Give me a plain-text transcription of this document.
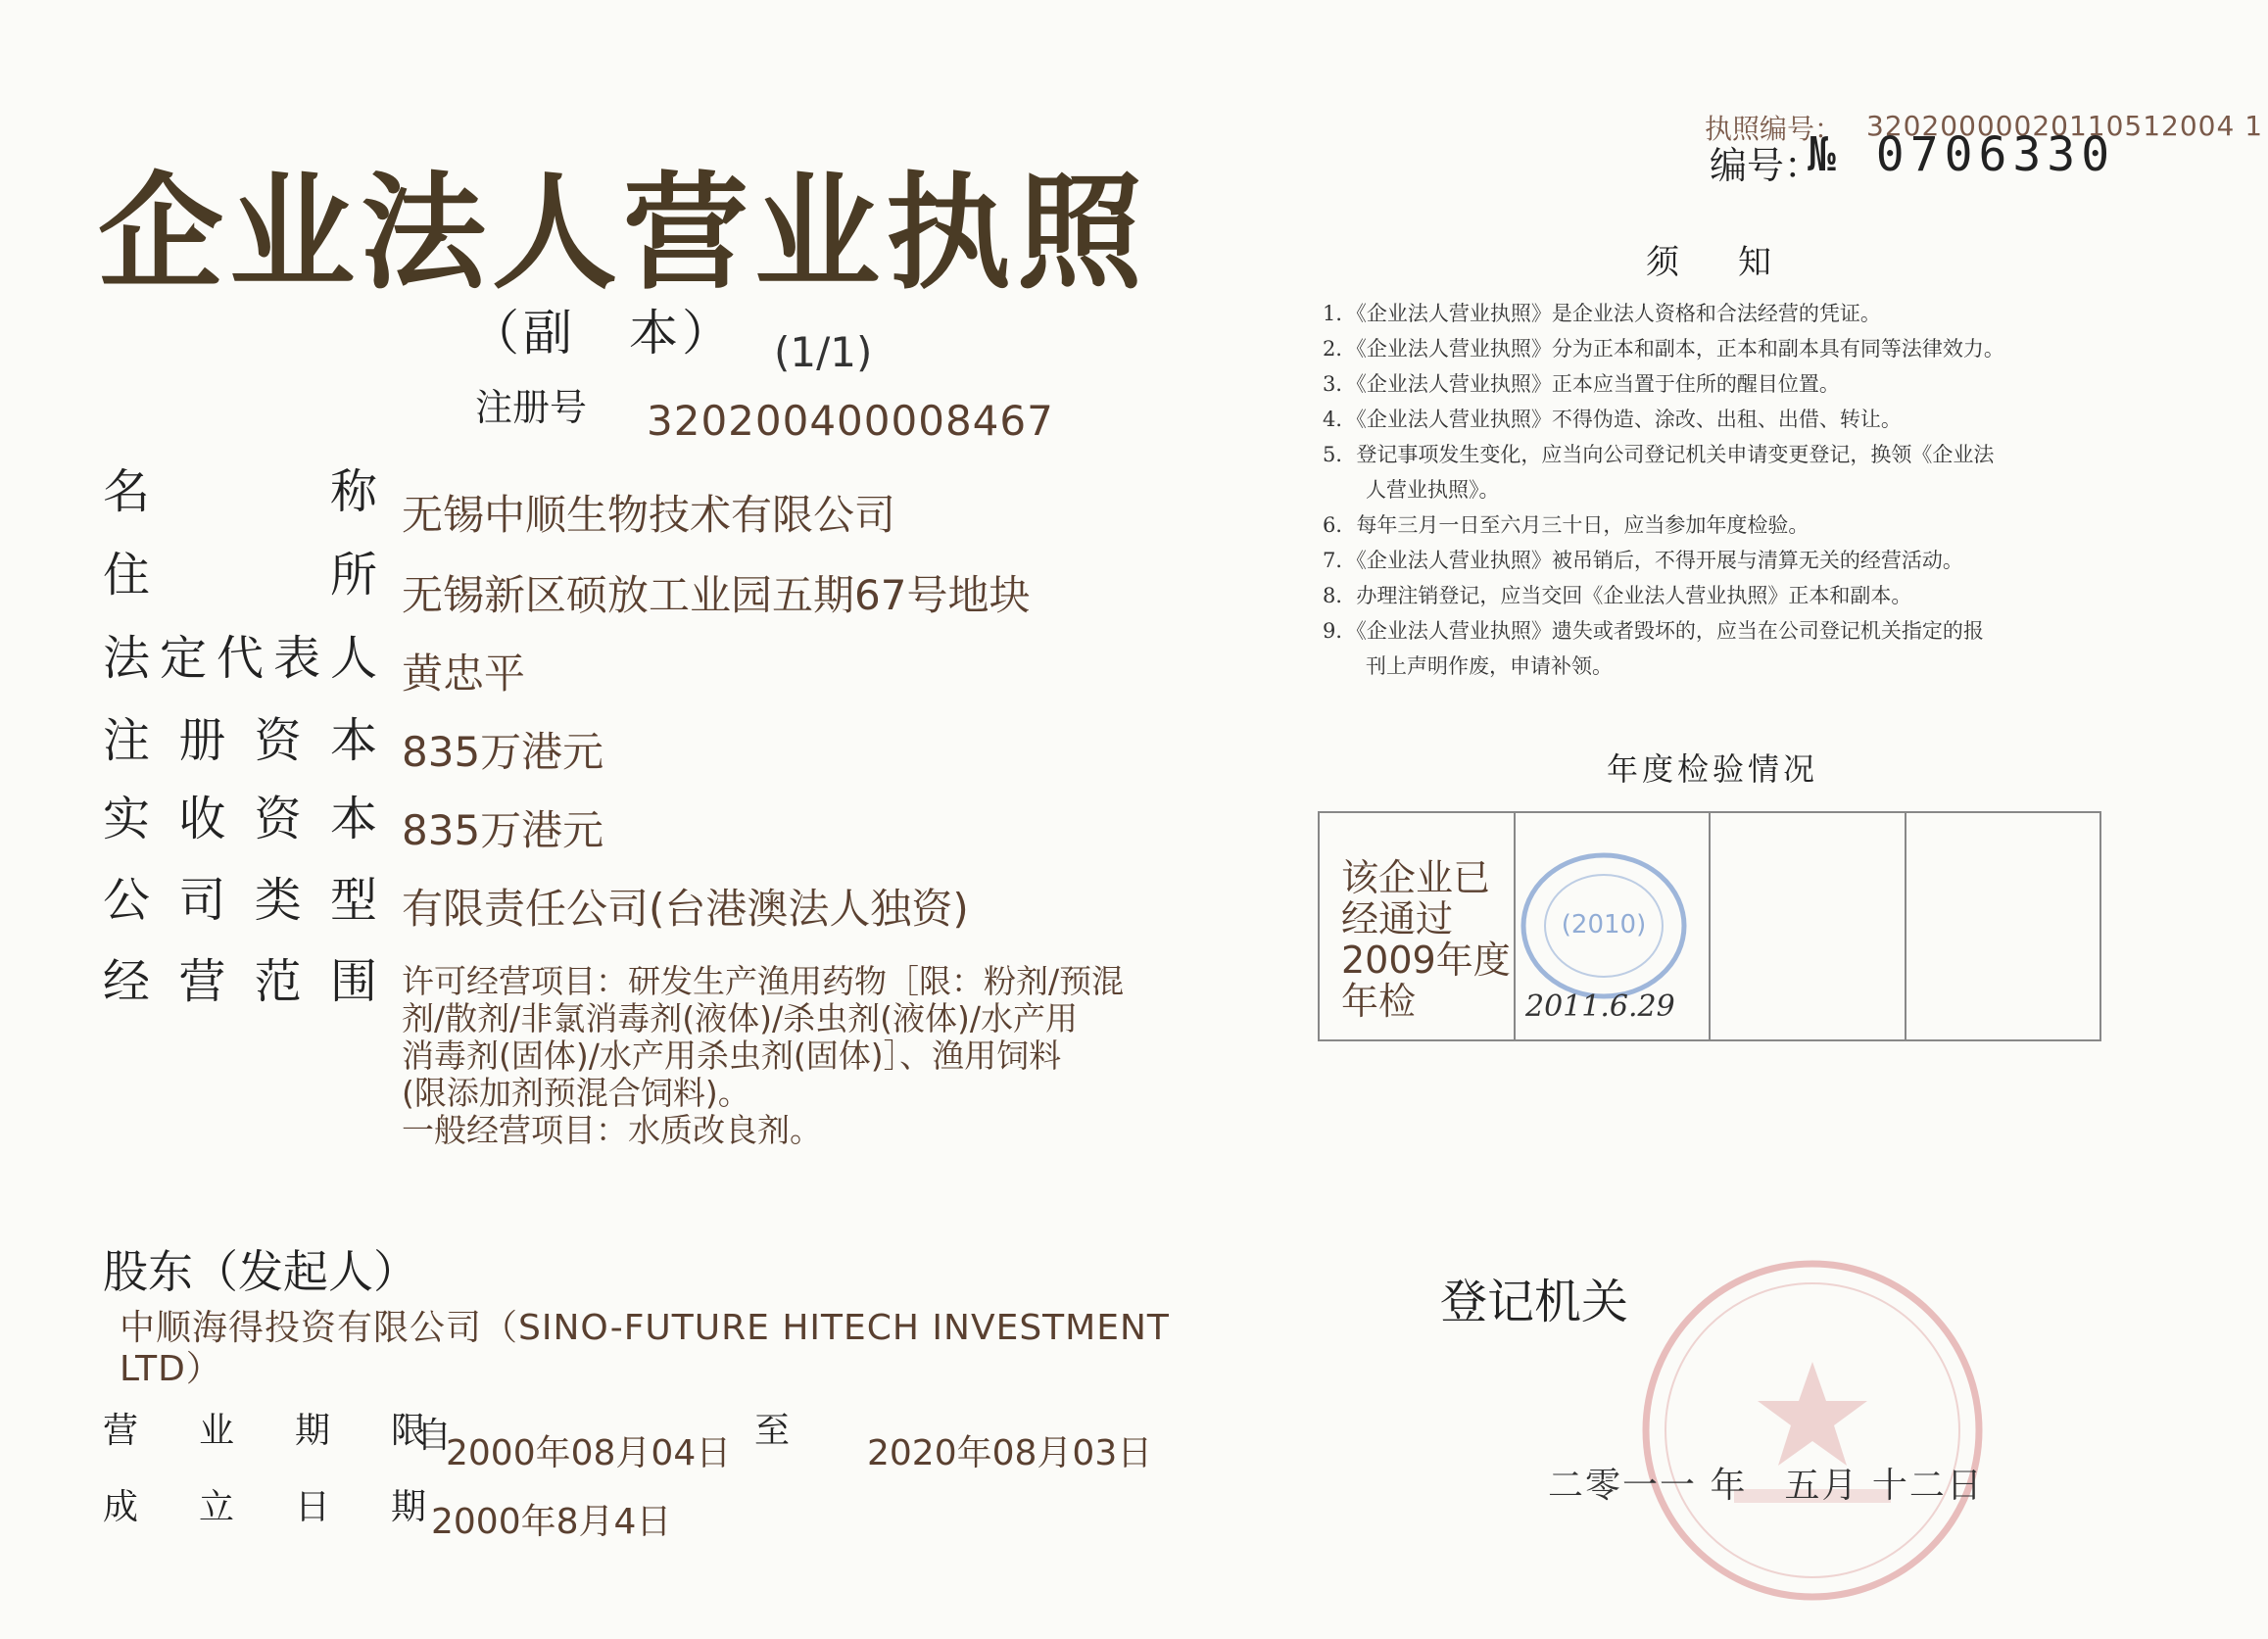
企业法人营业执照
（副　本） (1/1)
注册号 320200400008467
执照编号： 32020000020110512004 1
编号：
№ 0706330
名	称 无锡中顺生物技术有限公司
住	所 无锡新区硕放工业园五期67号地块
法 定 代 表 人 黄忠平
注 册 资 本 835万港元
实 收 资 本 835万港元
公 司 类 型 有限责任公司(台港澳法人独资)
经 营 范 围 许可经营项目：研发生产渔用药物［限：粉剂/预混
剂/散剂/非氯消毒剂(液体)/杀虫剂(液体)/水产用
消毒剂(固体)/水产用杀虫剂(固体)］、渔用饲料
(限添加剂预混合饲料)。
一般经营项目：水质改良剂。
股东（发起人）
中顺海得投资有限公司（SINO-FUTURE HITECH INVESTMENT
LTD）
营 业 期 限
自
2000年08月04日
至
2020年08月03日
成 立 日 期 2000年8月4日
须知
1．《企业法人营业执照》是企业法人资格和合法经营的凭证。
2．《企业法人营业执照》分为正本和副本，正本和副本具有同等法律效力。
3．《企业法人营业执照》正本应当置于住所的醒目位置。
4．《企业法人营业执照》不得伪造、涂改、出租、出借、转让。
5．登记事项发生变化，应当向公司登记机关申请变更登记，换领《企业法
人营业执照》。
6．每年三月一日至六月三十日，应当参加年度检验。
7．《企业法人营业执照》被吊销后，不得开展与清算无关的经营活动。
8．办理注销登记，应当交回《企业法人营业执照》正本和副本。
9．《企业法人营业执照》遗失或者毁坏的，应当在公司登记机关指定的报
刊上声明作废，申请补领。
年度检验情况
该企业已
经通过
2009年度
年检
(2010)
2011.6.29
登记机关
二零一一 年　五月 十二日
